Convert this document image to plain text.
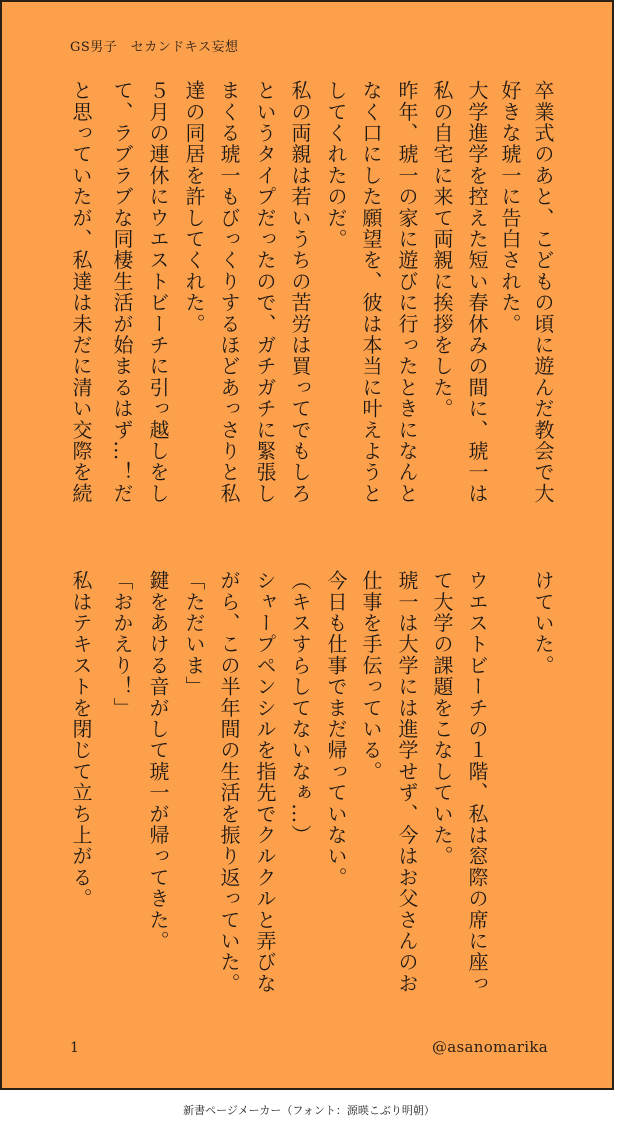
GS男子　セカンドキス妄想
卒業式のあと、こどもの頃に遊んだ教会で大
好きな琥一に告白された。
大学進学を控えた短い春休みの間に、琥一は
私の自宅に来て両親に挨拶をした。
昨年、琥一の家に遊びに行ったときになんと
なく口にした願望を、彼は本当に叶えようと
してくれたのだ。
私の両親は若いうちの苦労は買ってでもしろ
というタイプだったので、ガチガチに緊張し
まくる琥一もびっくりするほどあっさりと私
達の同居を許してくれた。
５月の連休にウエストビーチに引っ越しをし
て、ラブラブな同棲生活が始まるはず…！だ
と思っていたが、私達は未だに清い交際を続
けていた。
ウエストビーチの１階、私は窓際の席に座っ
て大学の課題をこなしていた。
琥一は大学には進学せず、今はお父さんのお
仕事を手伝っている。
今日も仕事でまだ帰っていない。
（キスすらしてないなぁ…）
シャープペンシルを指先でクルクルと弄びな
がら、この半年間の生活を振り返っていた。
「ただいま」
鍵をあける音がして琥一が帰ってきた。
「おかえり！」
私はテキストを閉じて立ち上がる。
1	@asanomarika
新書ページメーカー（フォント：源暎こぶり明朝）
